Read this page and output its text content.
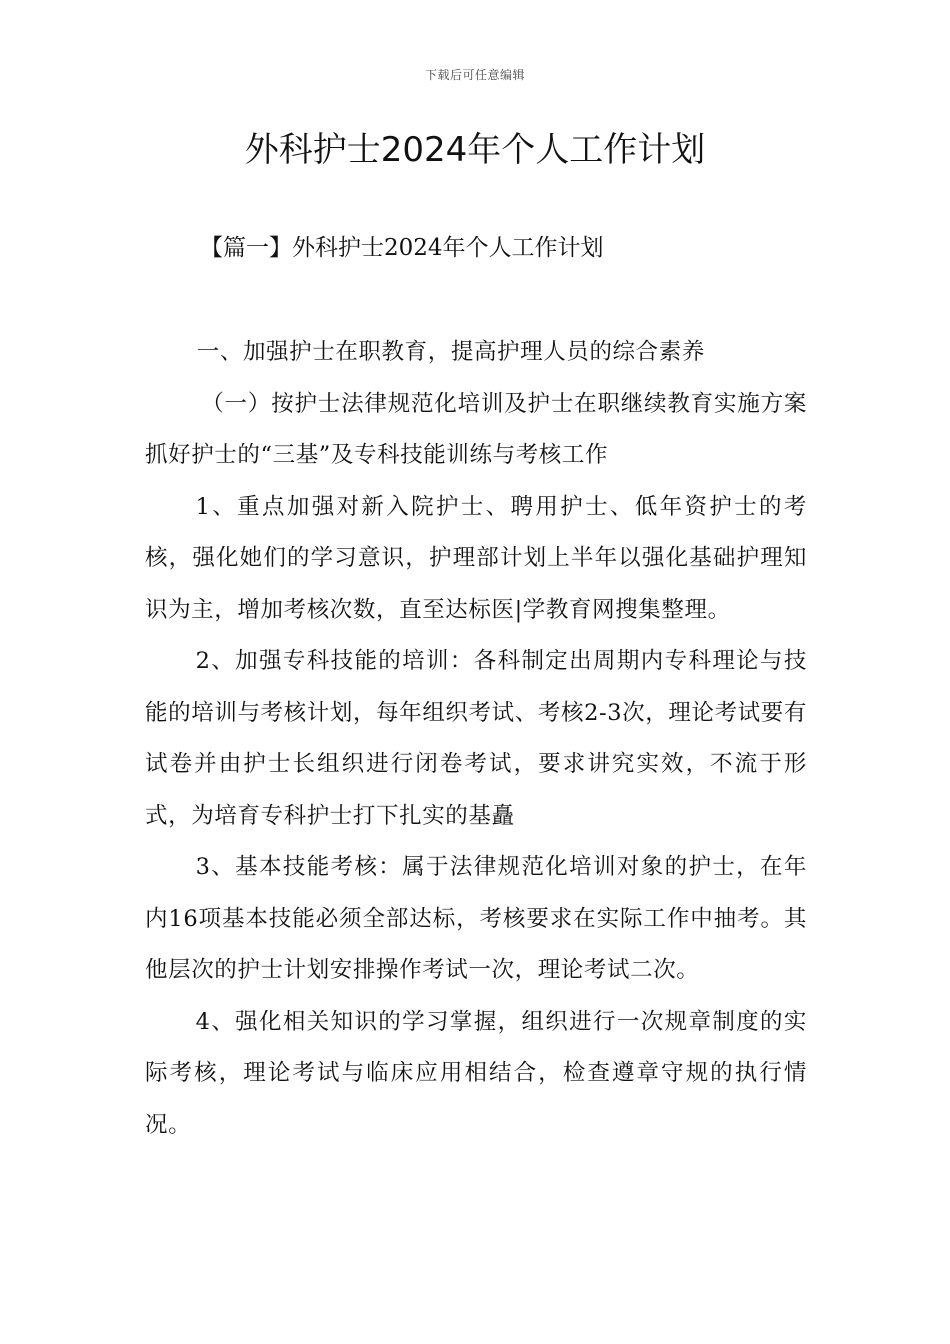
下载后可任意编辑
外科护士2024年个人工作计划

【篇一】外科护士2024年个人工作计划

一、加强护士在职教育，提高护理人员的综合素养

（一）按护士法律规范化培训及护士在职继续教育实施方案抓好护士的“三基”及专科技能训练与考核工作

1、重点加强对新入院护士、聘用护士、低年资护士的考核，强化她们的学习意识，护理部计划上半年以强化基础护理知识为主，增加考核次数，直至达标医|学教育网搜集整理。

2、加强专科技能的培训：各科制定出周期内专科理论与技能的培训与考核计划，每年组织考试、考核2-3次，理论考试要有试卷并由护士长组织进行闭卷考试，要求讲究实效，不流于形式，为培育专科护士打下扎实的基矗

3、基本技能考核：属于法律规范化培训对象的护士，在年内16项基本技能必须全部达标，考核要求在实际工作中抽考。其他层次的护士计划安排操作考试一次，理论考试二次。

4、强化相关知识的学习掌握，组织进行一次规章制度的实际考核，理论考试与临床应用相结合，检查遵章守规的执行情况。
